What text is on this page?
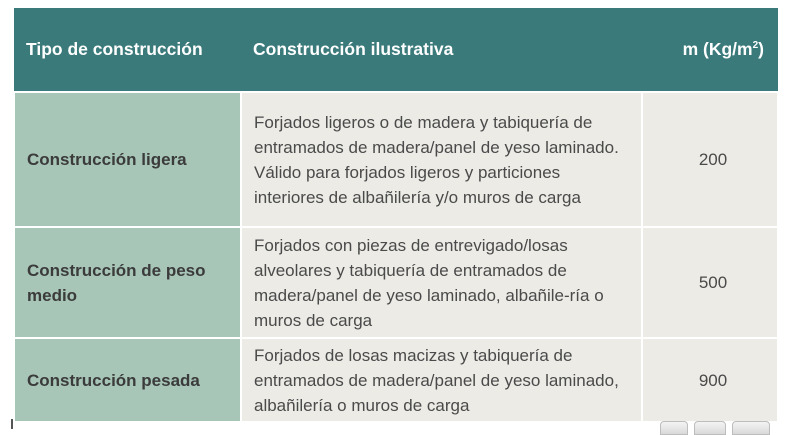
Tipo de construcción	Construcción ilustrativa	m $(Kg/m^2)$
Construcción ligera	Forjados ligeros o de madera y tabiquería de entramados de madera/panel de yeso laminado. Válido para forjados ligeros y particiones interiores de albañilería y/o muros de carga	200
Construcción de peso medio	Forjados con piezas de entrevigado/losas alveolares y tabiquería de entramados de madera/panel de yeso laminado, albañile-ría o muros de carga	500
Construcción pesada	Forjados de losas macizas y tabiquería de entramados de madera/panel de yeso laminado, albañilería o muros de carga	900
